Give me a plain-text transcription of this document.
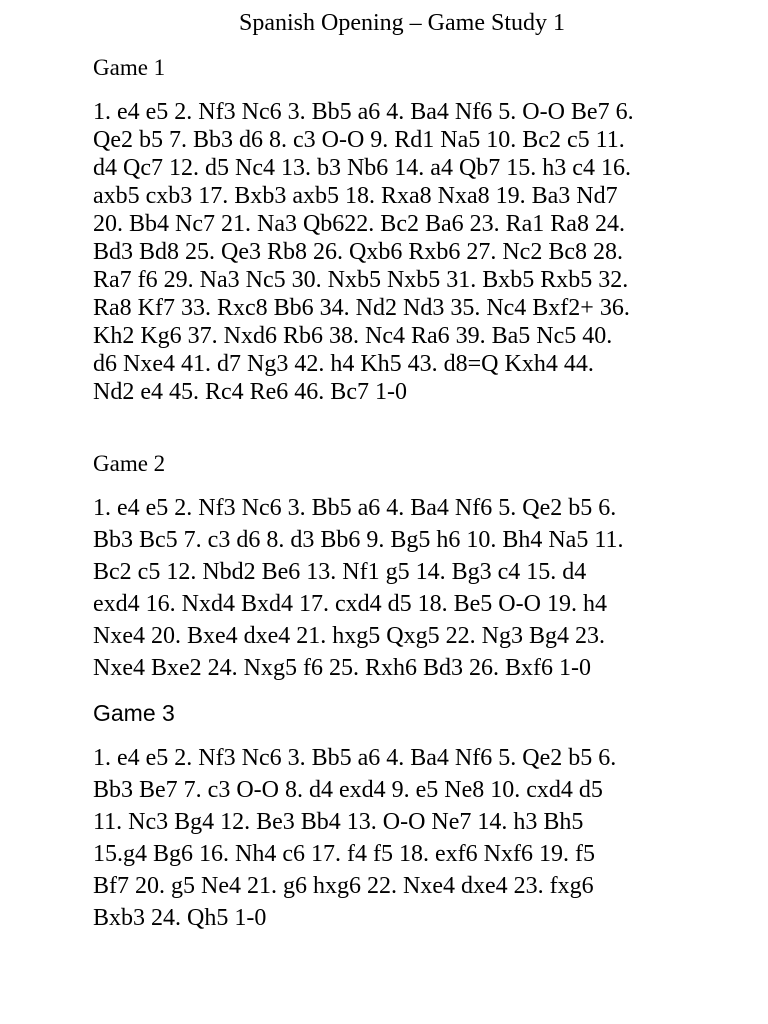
Spanish Opening – Game Study 1
Game 1

1. e4 e5 2. Nf3 Nc6 3. Bb5 a6 4. Ba4 Nf6 5. O-O Be7 6.
Qe2 b5 7. Bb3 d6 8. c3 O-O 9. Rd1 Na5 10. Bc2 c5 11.
d4 Qc7 12. d5 Nc4 13. b3 Nb6 14. a4 Qb7 15. h3 c4 16.
axb5 cxb3 17. Bxb3 axb5 18. Rxa8 Nxa8 19. Ba3 Nd7
20. Bb4 Nc7 21. Na3 Qb622. Bc2 Ba6 23. Ra1 Ra8 24.
Bd3 Bd8 25. Qe3 Rb8 26. Qxb6 Rxb6 27. Nc2 Bc8 28.
Ra7 f6 29. Na3 Nc5 30. Nxb5 Nxb5 31. Bxb5 Rxb5 32.
Ra8 Kf7 33. Rxc8 Bb6 34. Nd2 Nd3 35. Nc4 Bxf2+ 36.
Kh2 Kg6 37. Nxd6 Rb6 38. Nc4 Ra6 39. Ba5 Nc5 40.
d6 Nxe4 41. d7 Ng3 42. h4 Kh5 43. d8=Q Kxh4 44.
Nd2 e4 45. Rc4 Re6 46. Bc7 1-0

Game 2

1. e4 e5 2. Nf3 Nc6 3. Bb5 a6 4. Ba4 Nf6 5. Qe2 b5 6.
Bb3 Bc5 7. c3 d6 8. d3 Bb6 9. Bg5 h6 10. Bh4 Na5 11.
Bc2 c5 12. Nbd2 Be6 13. Nf1 g5 14. Bg3 c4 15. d4
exd4 16. Nxd4 Bxd4 17. cxd4 d5 18. Be5 O-O 19. h4
Nxe4 20. Bxe4 dxe4 21. hxg5 Qxg5 22. Ng3 Bg4 23.
Nxe4 Bxe2 24. Nxg5 f6 25. Rxh6 Bd3 26. Bxf6 1-0

Game 3

1. e4 e5 2. Nf3 Nc6 3. Bb5 a6 4. Ba4 Nf6 5. Qe2 b5 6.
Bb3 Be7 7. c3 O-O 8. d4 exd4 9. e5 Ne8 10. cxd4 d5
11. Nc3 Bg4 12. Be3 Bb4 13. O-O Ne7 14. h3 Bh5
15.g4 Bg6 16. Nh4 c6 17. f4 f5 18. exf6 Nxf6 19. f5
Bf7 20. g5 Ne4 21. g6 hxg6 22. Nxe4 dxe4 23. fxg6
Bxb3 24. Qh5 1-0
